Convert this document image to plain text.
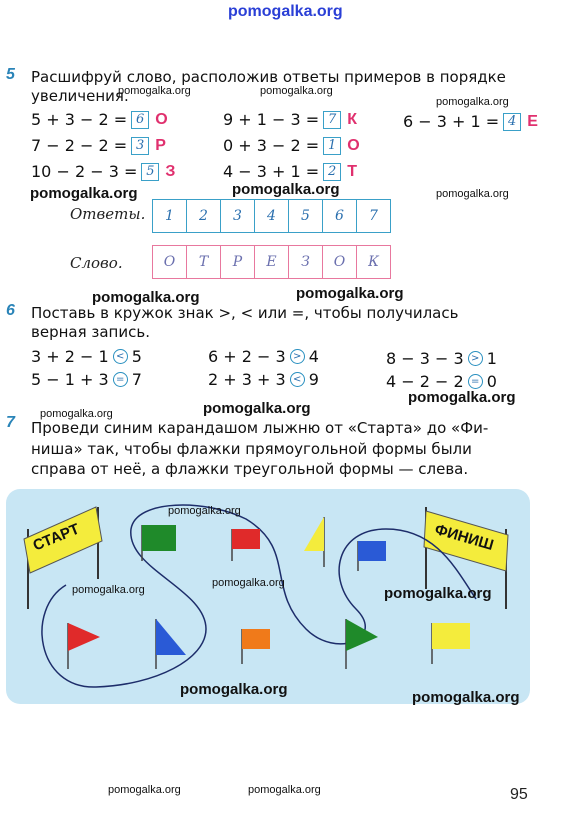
pomogalka.org
5 Расшифруй слово, расположив ответы примеров в порядке
увеличения.
5 + 3 − 2 = 6 О
7 − 2 − 2 = 3 Р
10 − 2 − 3 = 5 З
9 + 1 − 3 = 7 К
0 + 3 − 2 = 1 О
4 − 3 + 1 = 2 Т
6 − 3 + 1 = 4 Е
pomogalka.org	pomogalka.org
pomogalka.org
pomogalka.org	pomogalka.org	pomogalka.org
Ответы.	1	2	3	4	5	6	7
Слово.	О	Т	Р	Е	З	О	К
pomogalka.org	pomogalka.org
6 Поставь в кружок знак >, < или =, чтобы получилась
верная запись.
3 + 2 − 1 < 5	6 + 2 − 3 > 4	8 − 3 − 3 > 1
5 − 1 + 3 = 7	2 + 3 + 3 < 9	4 − 2 − 2 = 0
pomogalka.org
pomogalka.org
pomogalka.org
7 Проведи синим карандашом лыжню от «Старта» до «Фи-
ниша» так, чтобы флажки прямоугольной формы были
справа от неё, а флажки треугольной формы — слева.
СТАРТ	ФИНИШ
pomogalka.org
pomogalka.org
pomogalka.org	pomogalka.org
pomogalka.org	pomogalka.org
pomogalka.org	pomogalka.org	95
